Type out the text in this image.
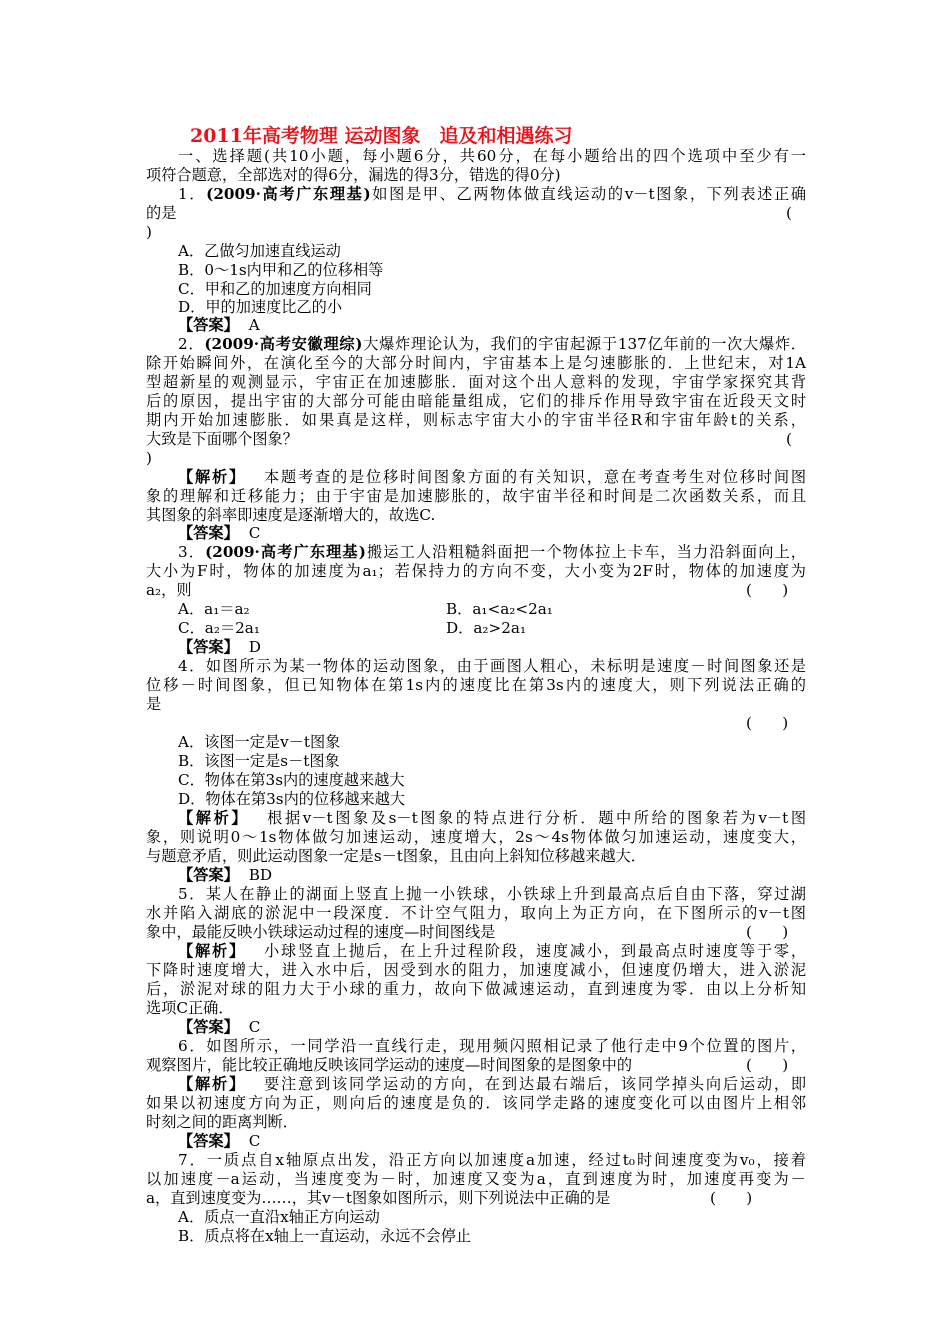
2011年高考物理 运动图象　追及和相遇练习
一、选择题(共10小题，每小题6分，共60分，在每小题给出的四个选项中至少有一
项符合题意，全部选对的得6分，漏选的得3分，错选的得0分)
1．(2009·高考广东理基)如图是甲、乙两物体做直线运动的v－t图象，下列表述正确
的是	(
)
A．乙做匀加速直线运动
B．0～1s内甲和乙的位移相等
C．甲和乙的加速度方向相同
D．甲的加速度比乙的小
【答案】 A
2．(2009·高考安徽理综)大爆炸理论认为，我们的宇宙起源于137亿年前的一次大爆炸．
除开始瞬间外，在演化至今的大部分时间内，宇宙基本上是匀速膨胀的．上世纪末，对1A
型超新星的观测显示，宇宙正在加速膨胀．面对这个出人意料的发现，宇宙学家探究其背
后的原因，提出宇宙的大部分可能由暗能量组成，它们的排斥作用导致宇宙在近段天文时
期内开始加速膨胀．如果真是这样，则标志宇宙大小的宇宙半径R和宇宙年龄t的关系，
大致是下面哪个图象？	(
)
【解析】 本题考查的是位移时间图象方面的有关知识，意在考查考生对位移时间图
象的理解和迁移能力；由于宇宙是加速膨胀的，故宇宙半径和时间是二次函数关系，而且
其图象的斜率即速度是逐渐增大的，故选C.
【答案】 C
3．(2009·高考广东理基)搬运工人沿粗糙斜面把一个物体拉上卡车，当力沿斜面向上，
大小为F时，物体的加速度为a₁；若保持力的方向不变，大小变为2F时，物体的加速度为
a₂，则	(　　)
A．a₁＝a₂	B．a₁<a₂<2a₁
C．a₂＝2a₁	D．a₂>2a₁
【答案】 D
4．如图所示为某一物体的运动图象，由于画图人粗心，未标明是速度－时间图象还是
位移－时间图象，但已知物体在第1s内的速度比在第3s内的速度大，则下列说法正确的
是
(　　)
A．该图一定是v－t图象
B．该图一定是s－t图象
C．物体在第3s内的速度越来越大
D．物体在第3s内的位移越来越大
【解析】 根据v－t图象及s－t图象的特点进行分析．题中所给的图象若为v－t图
象，则说明0～1s物体做匀加速运动，速度增大，2s～4s物体做匀加速运动，速度变大，
与题意矛盾，则此运动图象一定是s－t图象，且由向上斜知位移越来越大．
【答案】 BD
5．某人在静止的湖面上竖直上抛一小铁球，小铁球上升到最高点后自由下落，穿过湖
水并陷入湖底的淤泥中一段深度．不计空气阻力，取向上为正方向，在下图所示的v－t图
象中，最能反映小铁球运动过程的速度—时间图线是	(　　)
【解析】 小球竖直上抛后，在上升过程阶段，速度减小，到最高点时速度等于零，
下降时速度增大，进入水中后，因受到水的阻力，加速度减小，但速度仍增大，进入淤泥
后，淤泥对球的阻力大于小球的重力，故向下做减速运动，直到速度为零．由以上分析知
选项C正确．
【答案】 C
6．如图所示，一同学沿一直线行走，现用频闪照相记录了他行走中9个位置的图片，
观察图片，能比较正确地反映该同学运动的速度—时间图象的是图象中的	(　　)
【解析】 要注意到该同学运动的方向，在到达最右端后，该同学掉头向后运动，即
如果以初速度方向为正，则向后的速度是负的．该同学走路的速度变化可以由图片上相邻
时刻之间的距离判断．
【答案】 C
7．一质点自x轴原点出发，沿正方向以加速度a加速，经过t₀时间速度变为v₀，接着
以加速度－a运动，当速度变为－时，加速度又变为a，直到速度为时，加速度再变为－
a，直到速度变为……，其v－t图象如图所示，则下列说法中正确的是	(　　)
A．质点一直沿x轴正方向运动
B．质点将在x轴上一直运动，永远不会停止
